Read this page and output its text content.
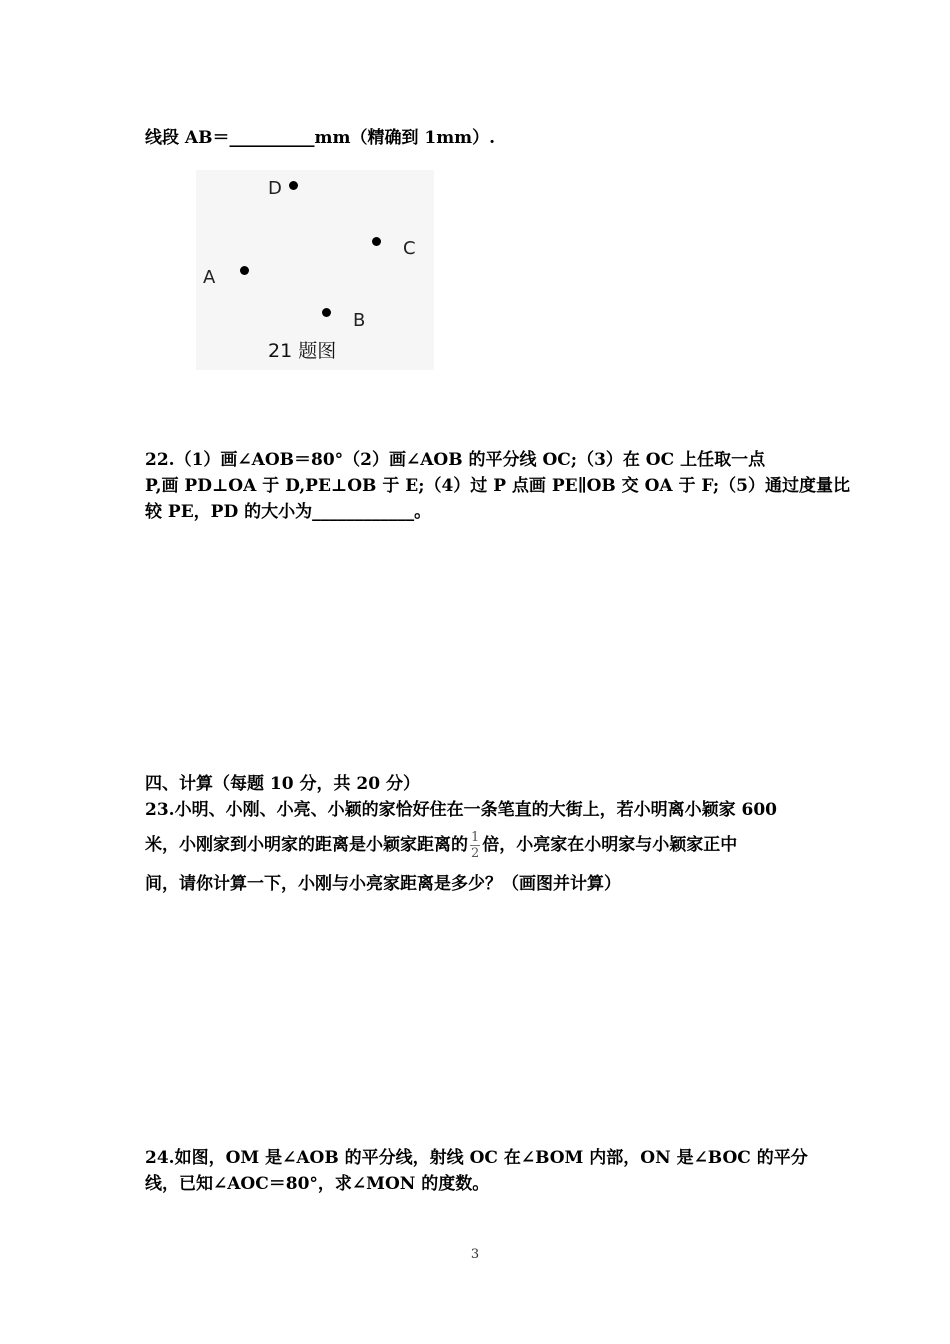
线段 AB＝__________mm（精确到 1mm）.
D
C
A
B
21 题图
22.（1）画∠AOB＝80°（2）画∠AOB 的平分线 OC;（3）在 OC 上任取一点
P,画 PD⊥OA 于 D,PE⊥OB 于 E;（4）过 P 点画 PE∥OB 交 OA 于 F;（5）通过度量比
较 PE，PD 的大小为____________。
四、计算（每题 10 分，共 20 分）
23.小明、小刚、小亮、小颖的家恰好住在一条笔直的大街上，若小明离小颖家 600
米，小刚家到小明家的距离是小颖家距离的 $\frac{1}{2}$ 倍，小亮家在小明家与小颖家正中
间，请你计算一下，小刚与小亮家距离是多少？（画图并计算）
24.如图，OM 是∠AOB 的平分线，射线 OC 在∠BOM 内部，ON 是∠BOC 的平分
线，已知∠AOC＝80°，求∠MON 的度数。
3
